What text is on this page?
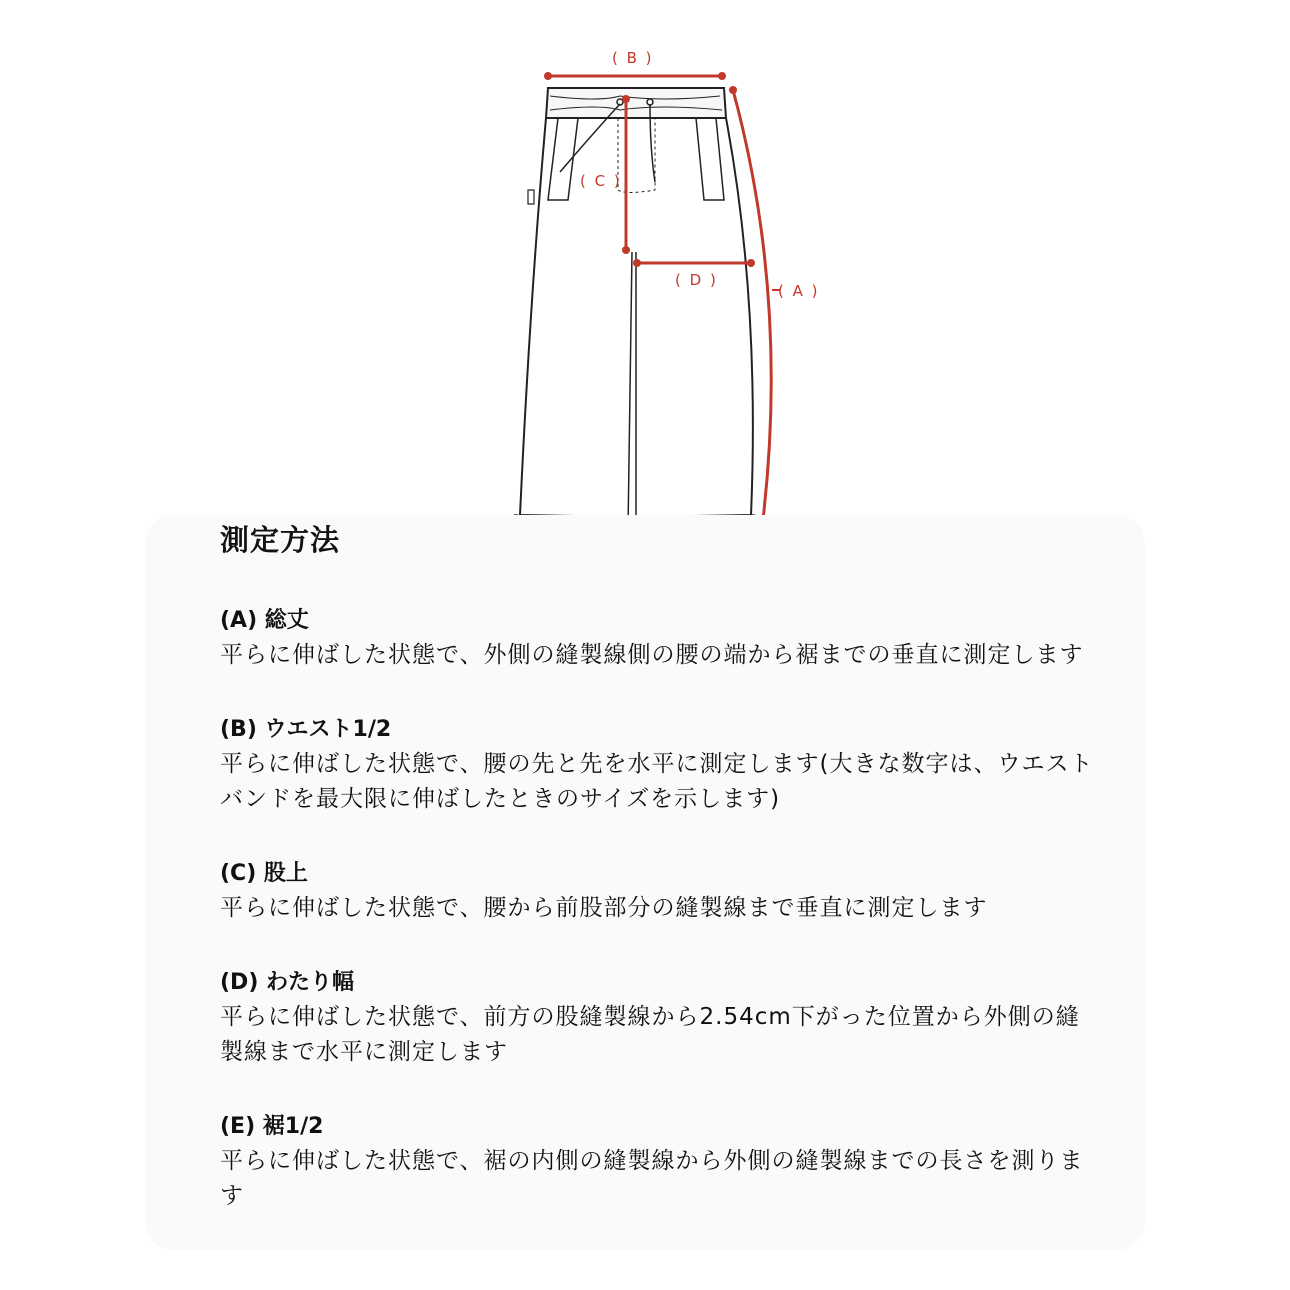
( B )
( A )
( C )
( D )
測定方法
(A) 総丈
平らに伸ばした状態で、外側の縫製線側の腰の端から裾までの垂直に測定します
(B) ウエスト1/2
平らに伸ばした状態で、腰の先と先を水平に測定します(大きな数字は、ウエストバンドを最大限に伸ばしたときのサイズを示します)
(C) 股上
平らに伸ばした状態で、腰から前股部分の縫製線まで垂直に測定します
(D) わたり幅
平らに伸ばした状態で、前方の股縫製線から2.54cm下がった位置から外側の縫製線まで水平に測定します
(E) 裾1/2
平らに伸ばした状態で、裾の内側の縫製線から外側の縫製線までの長さを測ります
